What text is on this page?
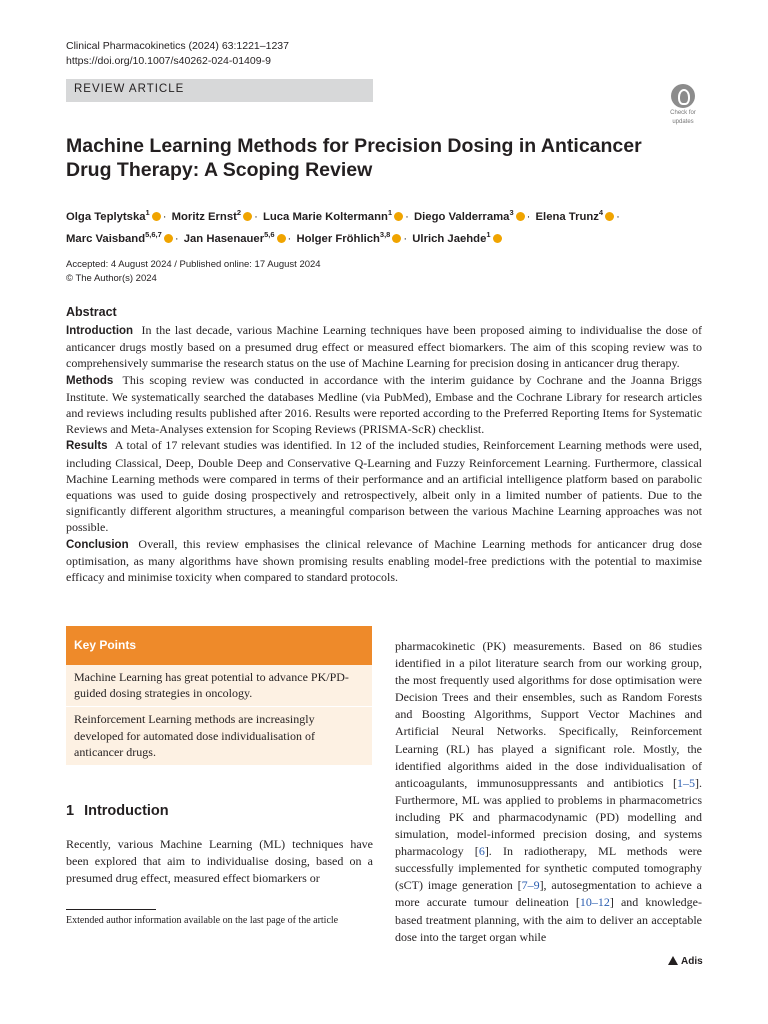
Clinical Pharmacokinetics (2024) 63:1221–1237
https://doi.org/10.1007/s40262-024-01409-9
REVIEW ARTICLE
Check for
updates
Machine Learning Methods for Precision Dosing in Anticancer Drug Therapy: A Scoping Review
Olga Teplytska$^1$ · Moritz Ernst$^2$ · Luca Marie Koltermann$^1$ · Diego Valderrama$^3$ · Elena Trunz$^4$ ·
Marc Vaisband$^{5,6,7}$ · Jan Hasenauer$^{5,6}$ · Holger Fröhlich$^{3,8}$ · Ulrich Jaehde$^1$
Accepted: 4 August 2024 / Published online: 17 August 2024
© The Author(s) 2024
Abstract

Introduction In the last decade, various Machine Learning techniques have been proposed aiming to individualise the dose of anticancer drugs mostly based on a presumed drug effect or measured effect biomarkers. The aim of this scoping review was to comprehensively summarise the research status on the use of Machine Learning for precision dosing in anticancer drug therapy.

Methods This scoping review was conducted in accordance with the interim guidance by Cochrane and the Joanna Briggs Institute. We systematically searched the databases Medline (via PubMed), Embase and the Cochrane Library for research articles and reviews including results published after 2016. Results were reported according to the Preferred Reporting Items for Systematic Reviews and Meta-Analyses extension for Scoping Reviews (PRISMA-ScR) checklist.

Results A total of 17 relevant studies was identified. In 12 of the included studies, Reinforcement Learning methods were used, including Classical, Deep, Double Deep and Conservative Q-Learning and Fuzzy Reinforcement Learning. Furthermore, classical Machine Learning methods were compared in terms of their performance and an artificial intelligence platform based on parabolic equations was used to guide dosing prospectively and retrospectively, albeit only in a limited number of patients. Due to the significantly different algorithm structures, a meaningful comparison between the various Machine Learning approaches was not possible.

Conclusion Overall, this review emphasises the clinical relevance of Machine Learning methods for anticancer drug dose optimisation, as many algorithms have shown promising results enabling model-free predictions with the potential to maximise efficacy and minimise toxicity when compared to standard protocols.

Key Points
Machine Learning has great potential to advance PK/PD-guided dosing strategies in oncology.
Reinforcement Learning methods are increasingly developed for automated dose individualisation of anticancer drugs.
1 Introduction
Recently, various Machine Learning (ML) techniques have been explored that aim to individualise dosing, based on a presumed drug effect, measured effect biomarkers or
Extended author information available on the last page of the article
pharmacokinetic (PK) measurements. Based on 86 studies identified in a pilot literature search from our working group, the most frequently used algorithms for dose optimisation were Decision Trees and their ensembles, such as Random Forests and Boosting Algorithms, Support Vector Machines and Artificial Neural Networks. Specifically, Reinforcement Learning (RL) has played a significant role. Mostly, the identified algorithms aided in the dose individualisation of anticoagulants, immunosuppressants and antibiotics [1–5]. Furthermore, ML was applied to problems in pharmacometrics including PK and pharmacodynamic (PD) modelling and simulation, model-informed precision dosing, and systems pharmacology [6]. In radiotherapy, ML methods were successfully implemented for synthetic computed tomography (sCT) image generation [7–9], autosegmentation to achieve a more accurate tumour delineation [10–12] and knowledge-based treatment planning, with the aim to deliver an acceptable dose into the target organ while
Adis
